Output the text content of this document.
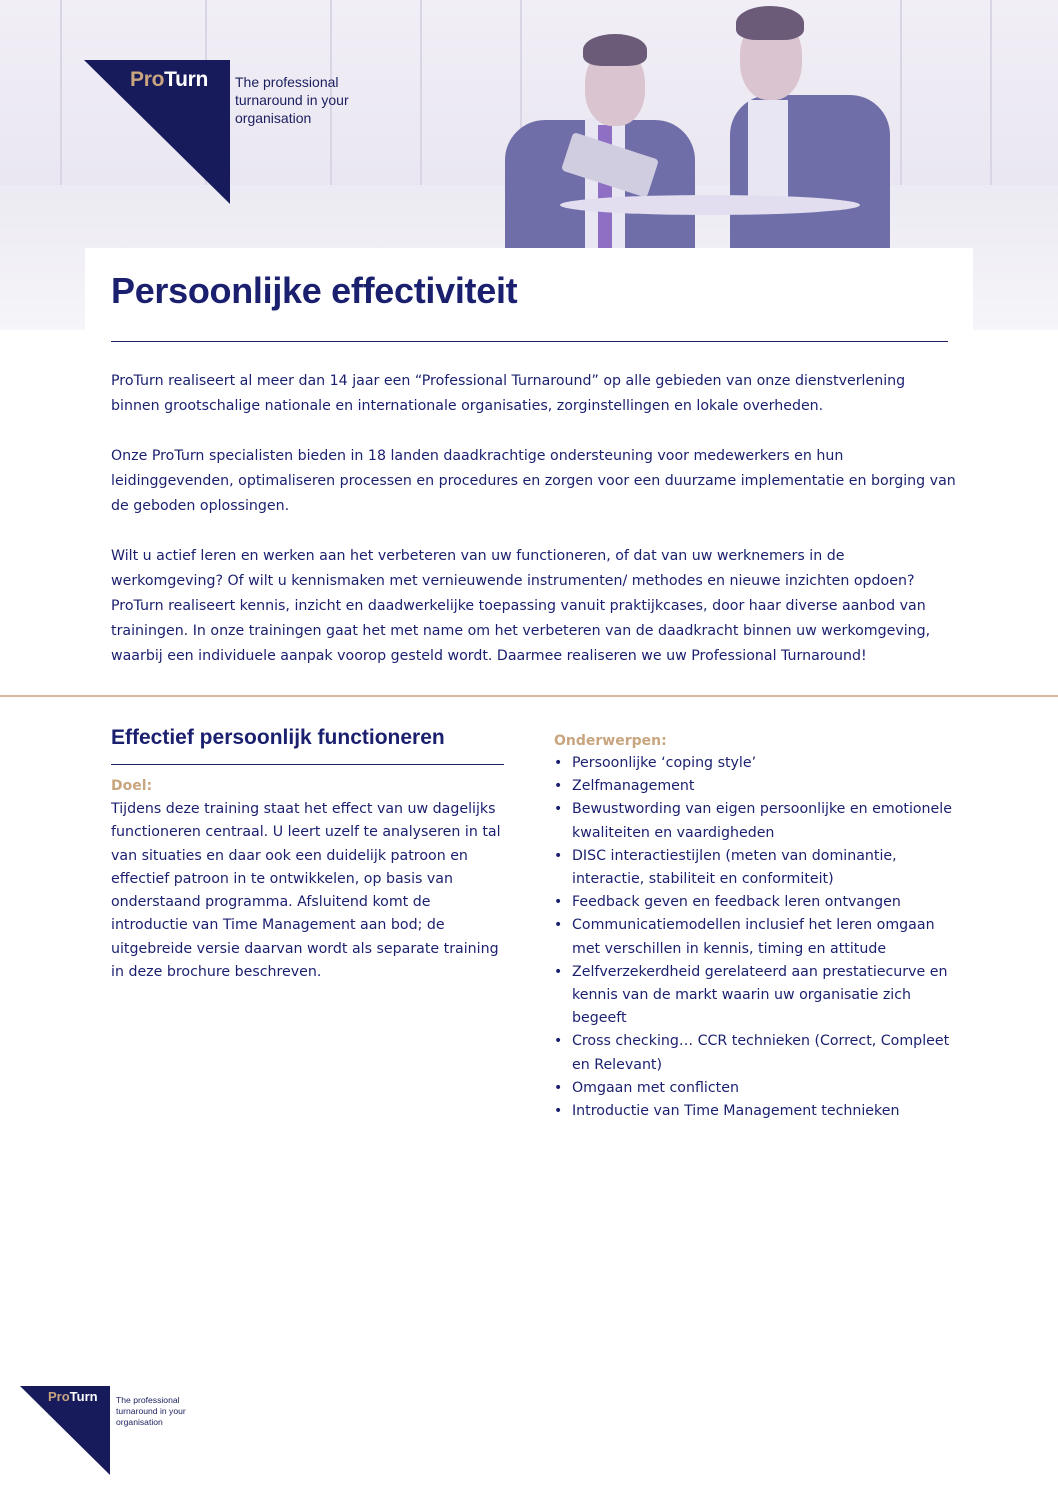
ProTurn The professional turnaround in your organisation
Persoonlijke effectiviteit

ProTurn realiseert al meer dan 14 jaar een “Professional Turnaround” op alle gebieden van onze dienstverlening binnen grootschalige nationale en internationale organisaties, zorginstellingen en lokale overheden.

Onze ProTurn specialisten bieden in 18 landen daadkrachtige ondersteuning voor medewerkers en hun leidinggevenden, optimaliseren processen en procedures en zorgen voor een duurzame implementatie en borging van de geboden oplossingen.

Wilt u actief leren en werken aan het verbeteren van uw functioneren, of dat van uw werknemers in de werkomgeving? Of wilt u kennismaken met vernieuwende instrumenten/ methodes en nieuwe inzichten opdoen? ProTurn realiseert kennis, inzicht en daadwerkelijke toepassing vanuit praktijkcases, door haar diverse aanbod van trainingen. In onze trainingen gaat het met name om het verbeteren van de daadkracht binnen uw werkomgeving, waarbij een individuele aanpak voorop gesteld wordt. Daarmee realiseren we uw Professional Turnaround!

Effectief persoonlijk functioneren
Doel:
Tijdens deze training staat het effect van uw dagelijks functioneren centraal. U leert uzelf te analyseren in tal van situaties en daar ook een duidelijk patroon en effectief patroon in te ontwikkelen, op basis van onderstaand programma. Afsluitend komt de introductie van Time Management aan bod; de uitgebreide versie daarvan wordt als separate training in deze brochure beschreven.
Onderwerpen:
• Persoonlijke ‘coping style’
• Zelfmanagement
• Bewustwording van eigen persoonlijke en emotionele kwaliteiten en vaardigheden
• DISC interactiestijlen (meten van dominantie, interactie, stabiliteit en conformiteit)
• Feedback geven en feedback leren ontvangen
• Communicatiemodellen inclusief het leren omgaan met verschillen in kennis, timing en attitude
• Zelfverzekerdheid gerelateerd aan prestatiecurve en kennis van de markt waarin uw organisatie zich begeeft
• Cross checking… CCR technieken (Correct, Compleet en Relevant)
• Omgaan met conflicten
• Introductie van Time Management technieken
ProTurn The professional turnaround in your organisation
